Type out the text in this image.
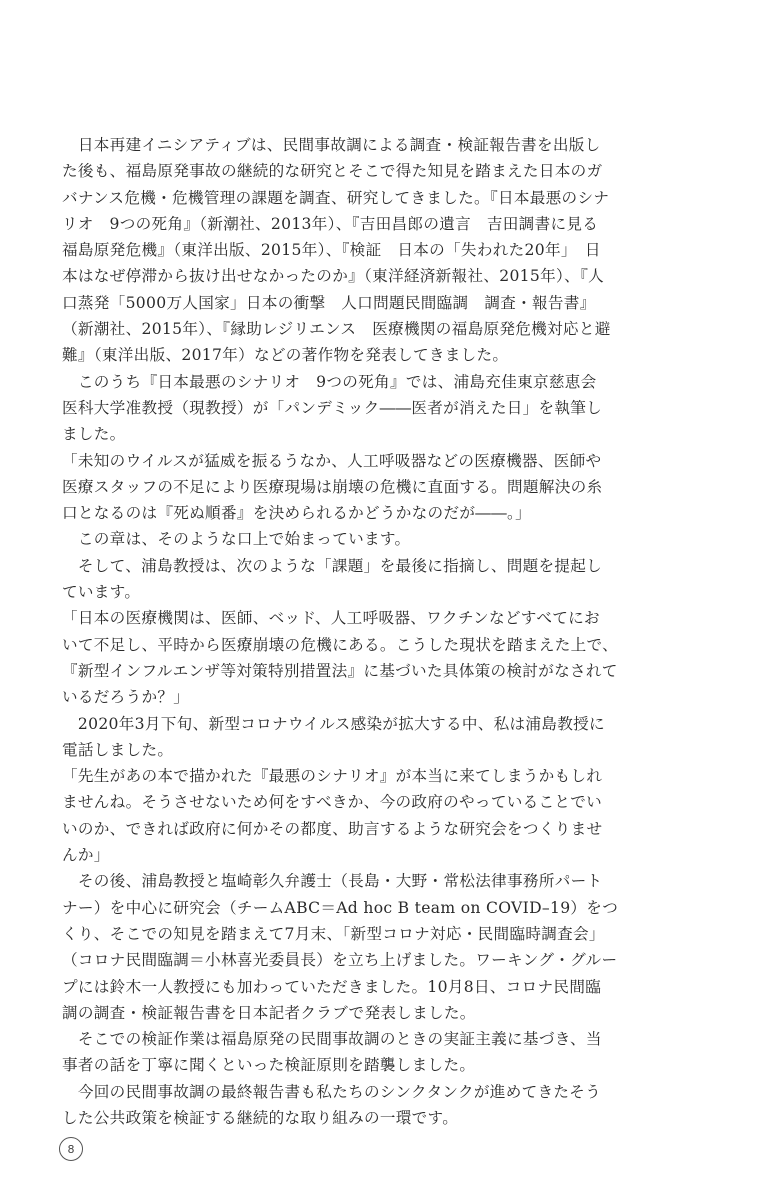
　日本再建イニシアティブは、民間事故調による調査・検証報告書を出版し
た後も、福島原発事故の継続的な研究とそこで得た知見を踏まえた日本のガ
バナンス危機・危機管理の課題を調査、研究してきました。『日本最悪のシナ
リオ　9つの死角』（新潮社、2013年）、『吉田昌郎の遺言　吉田調書に見る
福島原発危機』（東洋出版、2015年）、『検証　日本の「失われた20年」　日
本はなぜ停滞から抜け出せなかったのか』（東洋経済新報社、2015年）、『人
口蒸発「5000万人国家」日本の衝撃　人口問題民間臨調　調査・報告書』
（新潮社、2015年）、『縁助レジリエンス　医療機関の福島原発危機対応と避
難』（東洋出版、2017年）などの著作物を発表してきました。
　このうち『日本最悪のシナリオ　9つの死角』では、浦島充佳東京慈恵会
医科大学准教授（現教授）が「パンデミック――医者が消えた日」を執筆し
ました。
「未知のウイルスが猛威を振るうなか、人工呼吸器などの医療機器、医師や
医療スタッフの不足により医療現場は崩壊の危機に直面する。問題解決の糸
口となるのは『死ぬ順番』を決められるかどうかなのだが――。」
　この章は、そのような口上で始まっています。
　そして、浦島教授は、次のような「課題」を最後に指摘し、問題を提起し
ています。
「日本の医療機関は、医師、ベッド、人工呼吸器、ワクチンなどすべてにお
いて不足し、平時から医療崩壊の危機にある。こうした現状を踏まえた上で、
『新型インフルエンザ等対策特別措置法』に基づいた具体策の検討がなされて
いるだろうか？」
　2020年3月下旬、新型コロナウイルス感染が拡大する中、私は浦島教授に
電話しました。
「先生があの本で描かれた『最悪のシナリオ』が本当に来てしまうかもしれ
ませんね。そうさせないため何をすべきか、今の政府のやっていることでい
いのか、できれば政府に何かその都度、助言するような研究会をつくりませ
んか」
　その後、浦島教授と塩崎彰久弁護士（長島・大野・常松法律事務所パート
ナー）を中心に研究会（チームABC＝Ad hoc B team on COVID–19）をつ
くり、そこでの知見を踏まえて7月末、「新型コロナ対応・民間臨時調査会」
（コロナ民間臨調＝小林喜光委員長）を立ち上げました。ワーキング・グルー
プには鈴木一人教授にも加わっていただきました。10月8日、コロナ民間臨
調の調査・検証報告書を日本記者クラブで発表しました。
　そこでの検証作業は福島原発の民間事故調のときの実証主義に基づき、当
事者の話を丁寧に聞くといった検証原則を踏襲しました。
　今回の民間事故調の最終報告書も私たちのシンクタンクが進めてきたそう
した公共政策を検証する継続的な取り組みの一環です。
8
